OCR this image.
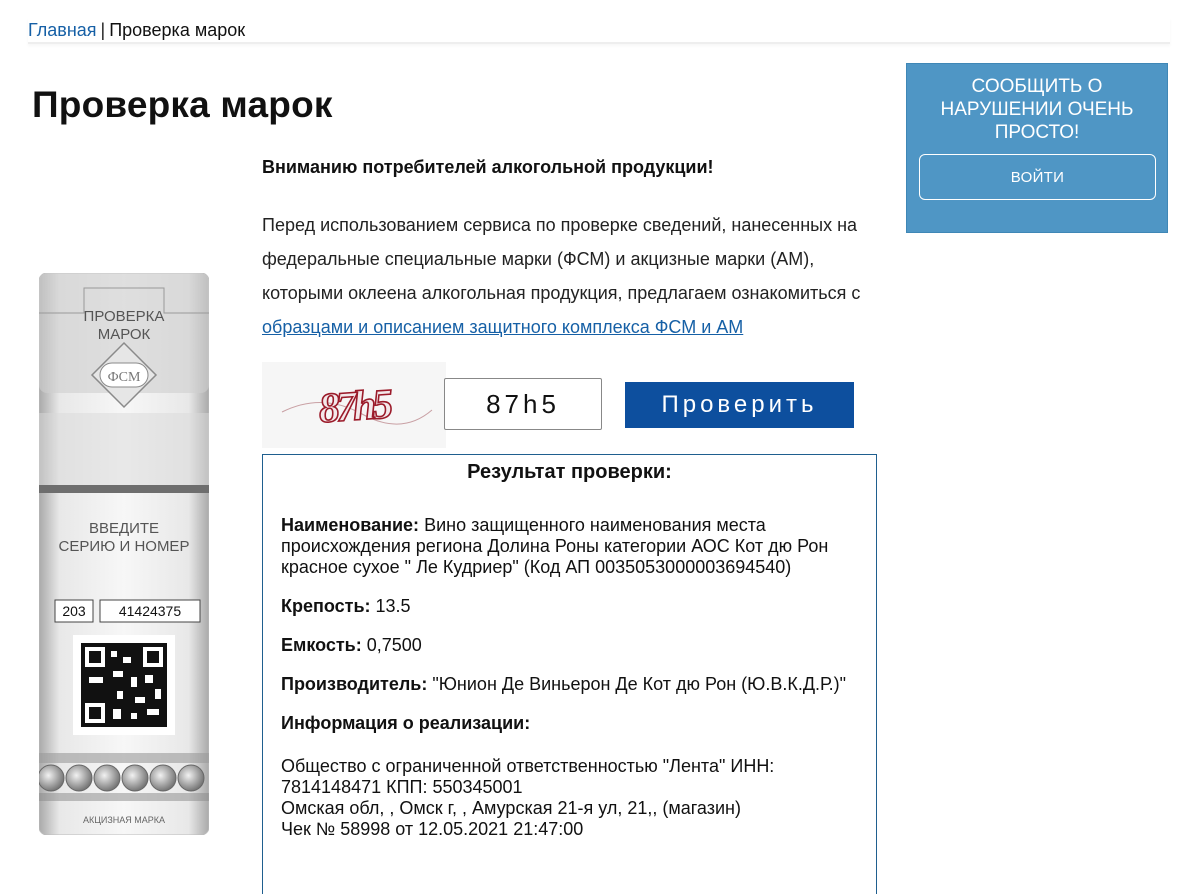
Главная | Проверка марок
Проверка марок	СООБЩИТЬ О НАРУШЕНИИ ОЧЕНЬ ПРОСТО!
ВОЙТИ
ПРОВЕРКА
МАРОК
ФСМ
ВВЕДИТЕ
СЕРИЮ И НОМЕР
203 41424375
АКЦИЗНАЯ МАРКА

Вниманию потребителей алкогольной продукции!

Перед использованием сервиса по проверке сведений, нанесенных на федеральные специальные марки (ФСМ) и акцизные марки (АМ), которыми оклеена алкогольная продукция, предлагаем ознакомиться с образцами и описанием защитного комплекса ФСМ и АМ
87h5	87h5	Проверить
Результат проверки:

Наименование: Вино защищенного наименования места происхождения региона Долина Роны категории АОС Кот дю Рон красное сухое " Ле Кудриер" (Код АП 0035053000003694540)

Крепость: 13.5

Емкость: 0,7500

Производитель: "Юнион Де Виньерон Де Кот дю Рон (Ю.В.К.Д.Р.)"

Информация о реализации:

Общество с ограниченной ответственностью "Лента" ИНН: 7814148471 КПП: 550345001
Омская обл, , Омск г, , Амурская 21-я ул, 21,, (магазин)
Чек № 58998 от 12.05.2021 21:47:00
